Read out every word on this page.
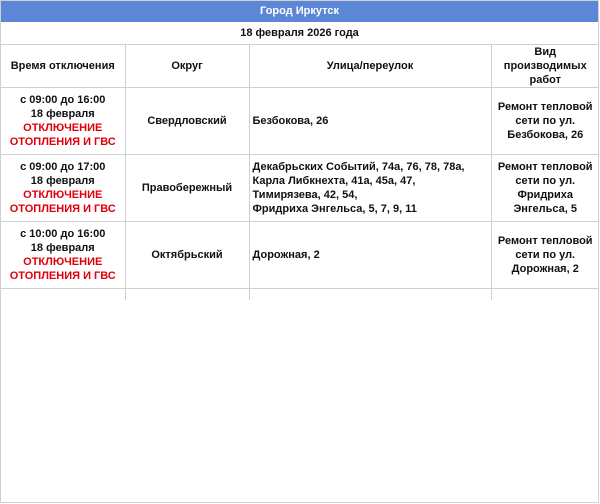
Город Иркутск
18 февраля 2026 года
Время отключения	Округ	Улица/переулок	Вид производимых работ

с 09:00 до 16:00
18 февраля
ОТКЛЮЧЕНИЕ ОТОПЛЕНИЯ И ГВС	Свердловский	Безбокова, 26	Ремонт тепловой сети по ул. Безбокова, 26

с 09:00 до 17:00
18 февраля
ОТКЛЮЧЕНИЕ ОТОПЛЕНИЯ И ГВС	Правобережный	Декабрьских Событий, 74а, 76, 78, 78а,
Карла Либкнехта, 41а, 45а, 47,
Тимирязева, 42, 54,
Фридриха Энгельса, 5, 7, 9, 11	Ремонт тепловой сети по ул. Фридриха Энгельса, 5

с 10:00 до 16:00
18 февраля
ОТКЛЮЧЕНИЕ ОТОПЛЕНИЯ И ГВС	Октябрьский	Дорожная, 2	Ремонт тепловой сети по ул. Дорожная, 2
